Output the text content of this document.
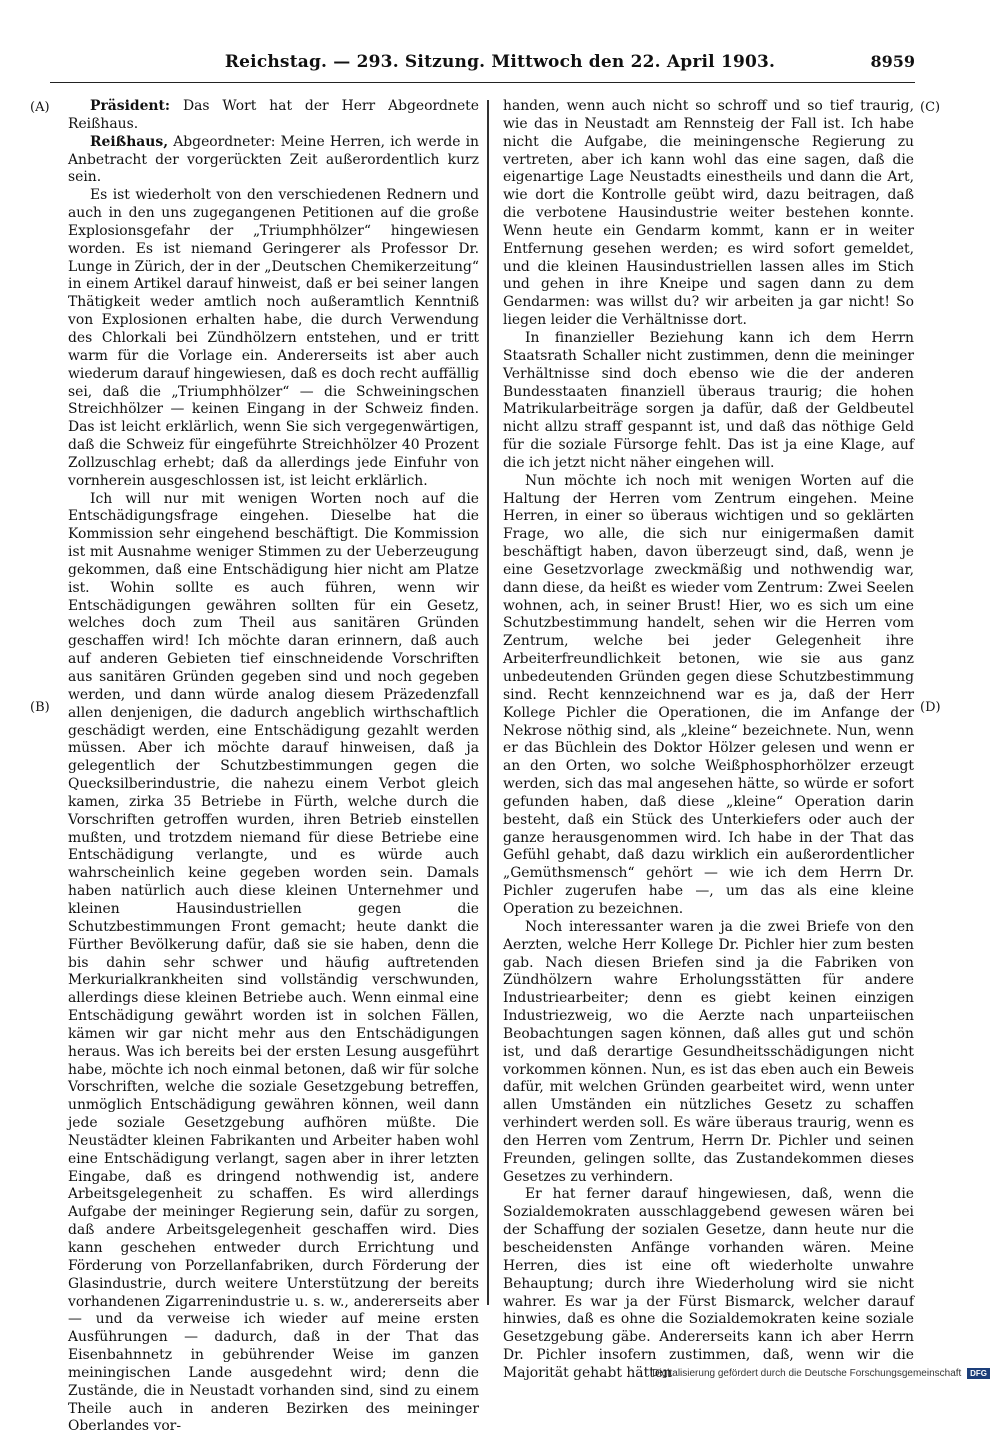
Reichstag. — 293. Sitzung. Mittwoch den 22. April 1903.	8959
(A)
(B)
(C)
(D)

Präsident: Das Wort hat der Herr Abgeordnete Reißhaus.

Reißhaus, Abgeordneter: Meine Herren, ich werde in Anbetracht der vorgerückten Zeit außerordentlich kurz sein.

Es ist wiederholt von den verschiedenen Rednern und auch in den uns zugegangenen Petitionen auf die große Explosionsgefahr der „Triumphhölzer“ hingewiesen worden. Es ist niemand Geringerer als Professor Dr. Lunge in Zürich, der in der „Deutschen Chemikerzeitung“ in einem Artikel darauf hinweist, daß er bei seiner langen Thätigkeit weder amtlich noch außeramtlich Kenntniß von Explosionen erhalten habe, die durch Verwendung des Chlorkali bei Zündhölzern entstehen, und er tritt warm für die Vorlage ein. Andererseits ist aber auch wiederum darauf hingewiesen, daß es doch recht auffällig sei, daß die „Triumphhölzer“ — die Schweiningschen Streichhölzer — keinen Eingang in der Schweiz finden. Das ist leicht erklärlich, wenn Sie sich vergegenwärtigen, daß die Schweiz für eingeführte Streichhölzer 40 Prozent Zollzuschlag erhebt; daß da allerdings jede Einfuhr von vornherein ausgeschlossen ist, ist leicht erklärlich.

Ich will nur mit wenigen Worten noch auf die Entschädigungsfrage eingehen. Dieselbe hat die Kommission sehr eingehend beschäftigt. Die Kommission ist mit Ausnahme weniger Stimmen zu der Ueberzeugung gekommen, daß eine Entschädigung hier nicht am Platze ist. Wohin sollte es auch führen, wenn wir Entschädigungen gewähren sollten für ein Gesetz, welches doch zum Theil aus sanitären Gründen geschaffen wird! Ich möchte daran erinnern, daß auch auf anderen Gebieten tief einschneidende Vorschriften aus sanitären Gründen gegeben sind und noch gegeben werden, und dann würde analog diesem Präzedenzfall allen denjenigen, die dadurch angeblich wirthschaftlich geschädigt werden, eine Entschädigung gezahlt werden müssen. Aber ich möchte darauf hinweisen, daß ja gelegentlich der Schutzbestimmungen gegen die Quecksilberindustrie, die nahezu einem Verbot gleich kamen, zirka 35 Betriebe in Fürth, welche durch die Vorschriften getroffen wurden, ihren Betrieb einstellen mußten, und trotzdem niemand für diese Betriebe eine Entschädigung verlangte, und es würde auch wahrscheinlich keine gegeben worden sein. Damals haben natürlich auch diese kleinen Unternehmer und kleinen Hausindustriellen gegen die Schutzbestimmungen Front gemacht; heute dankt die Fürther Bevölkerung dafür, daß sie sie haben, denn die bis dahin sehr schwer und häufig auftretenden Merkurialkrankheiten sind vollständig verschwunden, allerdings diese kleinen Betriebe auch. Wenn einmal eine Entschädigung gewährt worden ist in solchen Fällen, kämen wir gar nicht mehr aus den Entschädigungen heraus. Was ich bereits bei der ersten Lesung ausgeführt habe, möchte ich noch einmal betonen, daß wir für solche Vorschriften, welche die soziale Gesetzgebung betreffen, unmöglich Entschädigung gewähren können, weil dann jede soziale Gesetzgebung aufhören müßte. Die Neustädter kleinen Fabrikanten und Arbeiter haben wohl eine Entschädigung verlangt, sagen aber in ihrer letzten Eingabe, daß es dringend nothwendig ist, andere Arbeitsgelegenheit zu schaffen. Es wird allerdings Aufgabe der meininger Regierung sein, dafür zu sorgen, daß andere Arbeitsgelegenheit geschaffen wird. Dies kann geschehen entweder durch Errichtung und Förderung von Porzellanfabriken, durch Förderung der Glasindustrie, durch weitere Unterstützung der bereits vorhandenen Zigarrenindustrie u. s. w., andererseits aber — und da verweise ich wieder auf meine ersten Ausführungen — dadurch, daß in der That das Eisenbahnnetz in gebührender Weise im ganzen meiningischen Lande ausgedehnt wird; denn die Zustände, die in Neustadt vorhanden sind, sind zu einem Theile auch in anderen Bezirken des meininger Oberlandes vor-

handen, wenn auch nicht so schroff und so tief traurig, wie das in Neustadt am Rennsteig der Fall ist. Ich habe nicht die Aufgabe, die meiningensche Regierung zu vertreten, aber ich kann wohl das eine sagen, daß die eigenartige Lage Neustadts einestheils und dann die Art, wie dort die Kontrolle geübt wird, dazu beitragen, daß die verbotene Hausindustrie weiter bestehen konnte. Wenn heute ein Gendarm kommt, kann er in weiter Entfernung gesehen werden; es wird sofort gemeldet, und die kleinen Hausindustriellen lassen alles im Stich und gehen in ihre Kneipe und sagen dann zu dem Gendarmen: was willst du? wir arbeiten ja gar nicht! So liegen leider die Verhältnisse dort.

In finanzieller Beziehung kann ich dem Herrn Staatsrath Schaller nicht zustimmen, denn die meininger Verhältnisse sind doch ebenso wie die der anderen Bundesstaaten finanziell überaus traurig; die hohen Matrikularbeiträge sorgen ja dafür, daß der Geldbeutel nicht allzu straff gespannt ist, und daß das nöthige Geld für die soziale Fürsorge fehlt. Das ist ja eine Klage, auf die ich jetzt nicht näher eingehen will.

Nun möchte ich noch mit wenigen Worten auf die Haltung der Herren vom Zentrum eingehen. Meine Herren, in einer so überaus wichtigen und so geklärten Frage, wo alle, die sich nur einigermaßen damit beschäftigt haben, davon überzeugt sind, daß, wenn je eine Gesetzvorlage zweckmäßig und nothwendig war, dann diese, da heißt es wieder vom Zentrum: Zwei Seelen wohnen, ach, in seiner Brust! Hier, wo es sich um eine Schutzbestimmung handelt, sehen wir die Herren vom Zentrum, welche bei jeder Gelegenheit ihre Arbeiterfreundlichkeit betonen, wie sie aus ganz unbedeutenden Gründen gegen diese Schutzbestimmung sind. Recht kennzeichnend war es ja, daß der Herr Kollege Pichler die Operationen, die im Anfange der Nekrose nöthig sind, als „kleine“ bezeichnete. Nun, wenn er das Büchlein des Doktor Hölzer gelesen und wenn er an den Orten, wo solche Weißphosphorhölzer erzeugt werden, sich das mal angesehen hätte, so würde er sofort gefunden haben, daß diese „kleine“ Operation darin besteht, daß ein Stück des Unterkiefers oder auch der ganze herausgenommen wird. Ich habe in der That das Gefühl gehabt, daß dazu wirklich ein außerordentlicher „Gemüthsmensch“ gehört — wie ich dem Herrn Dr. Pichler zugerufen habe —, um das als eine kleine Operation zu bezeichnen.

Noch interessanter waren ja die zwei Briefe von den Aerzten, welche Herr Kollege Dr. Pichler hier zum besten gab. Nach diesen Briefen sind ja die Fabriken von Zündhölzern wahre Erholungsstätten für andere Industriearbeiter; denn es giebt keinen einzigen Industriezweig, wo die Aerzte nach unparteiischen Beobachtungen sagen können, daß alles gut und schön ist, und daß derartige Gesundheitsschädigungen nicht vorkommen können. Nun, es ist das eben auch ein Beweis dafür, mit welchen Gründen gearbeitet wird, wenn unter allen Umständen ein nützliches Gesetz zu schaffen verhindert werden soll. Es wäre überaus traurig, wenn es den Herren vom Zentrum, Herrn Dr. Pichler und seinen Freunden, gelingen sollte, das Zustandekommen dieses Gesetzes zu verhindern.

Er hat ferner darauf hingewiesen, daß, wenn die Sozialdemokraten ausschlaggebend gewesen wären bei der Schaffung der sozialen Gesetze, dann heute nur die bescheidensten Anfänge vorhanden wären. Meine Herren, dies ist eine oft wiederholte unwahre Behauptung; durch ihre Wiederholung wird sie nicht wahrer. Es war ja der Fürst Bismarck, welcher darauf hinwies, daß es ohne die Sozialdemokraten keine soziale Gesetzgebung gäbe. Andererseits kann ich aber Herrn Dr. Pichler insofern zustimmen, daß, wenn wir die Majorität gehabt hätten

Digitalisierung gefördert durch die Deutsche Forschungsgemeinschaft DFG
